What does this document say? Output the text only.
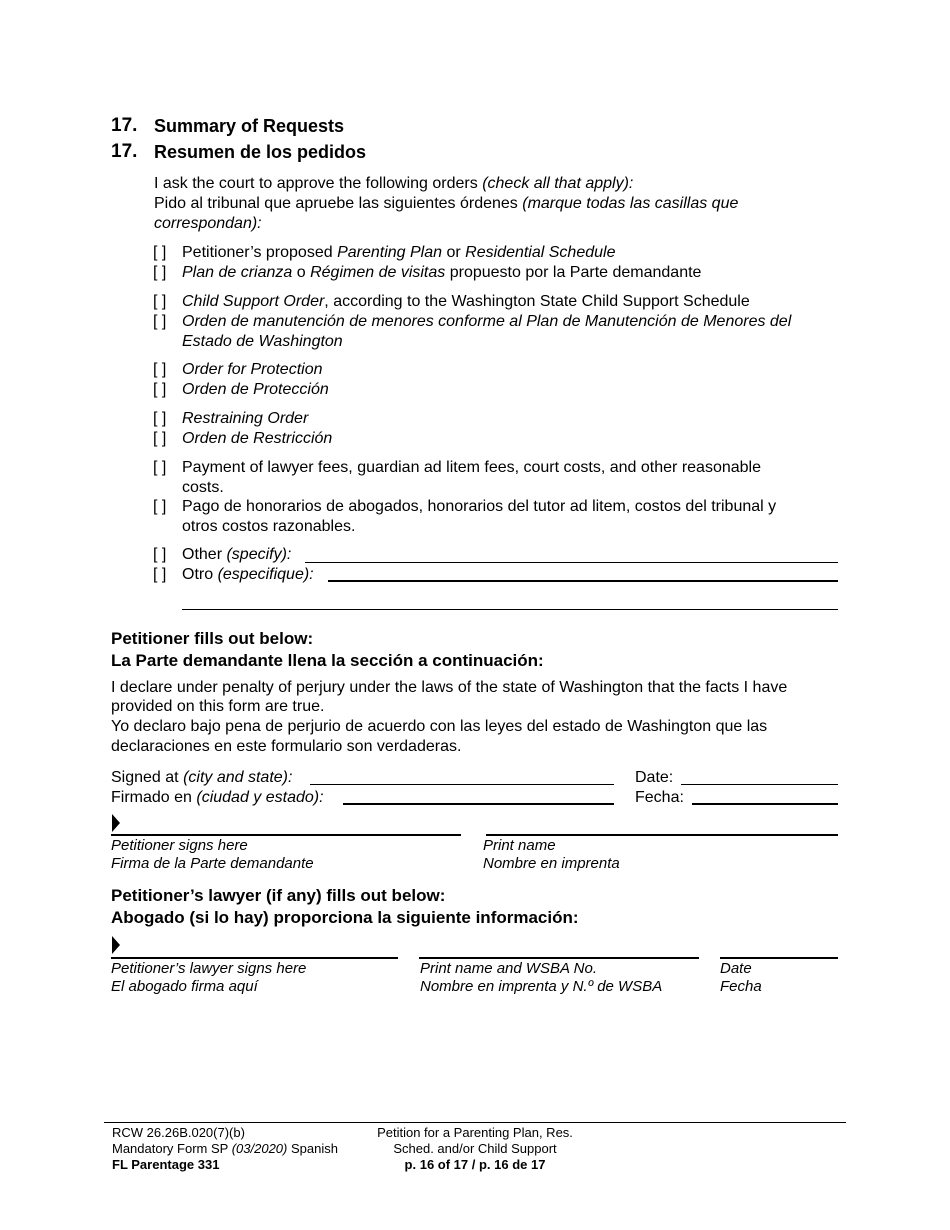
17. Summary of Requests
17. Resumen de los pedidos
I ask the court to approve the following orders (check all that apply):
Pido al tribunal que apruebe las siguientes órdenes (marque todas las casillas que
correspondan):
[ ] Petitioner’s proposed Parenting Plan or Residential Schedule
[ ] Plan de crianza o Régimen de visitas propuesto por la Parte demandante
[ ] Child Support Order, according to the Washington State Child Support Schedule
[ ] Orden de manutención de menores conforme al Plan de Manutención de Menores del
Estado de Washington
[ ] Order for Protection
[ ] Orden de Protección
[ ] Restraining Order
[ ] Orden de Restricción
[ ] Payment of lawyer fees, guardian ad litem fees, court costs, and other reasonable
costs.
[ ] Pago de honorarios de abogados, honorarios del tutor ad litem, costos del tribunal y
otros costos razonables.
[ ] Other (specify):
[ ] Otro (especifique):
Petitioner fills out below:
La Parte demandante llena la sección a continuación:
I declare under penalty of perjury under the laws of the state of Washington that the facts I have
provided on this form are true.
Yo declaro bajo pena de perjurio de acuerdo con las leyes del estado de Washington que las
declaraciones en este formulario son verdaderas.
Signed at (city and state):	Date:
Firmado en (ciudad y estado):	Fecha:
Petitioner signs here
Firma de la Parte demandante
Print name
Nombre en imprenta
Petitioner’s lawyer (if any) fills out below:
Abogado (si lo hay) proporciona la siguiente información:
Petitioner’s lawyer signs here
El abogado firma aquí
Print name and WSBA No.
Nombre en imprenta y N.º de WSBA
Date
Fecha
RCW 26.26B.020(7)(b)
Mandatory Form SP (03/2020) Spanish
FL Parentage 331
Petition for a Parenting Plan, Res.
Sched. and/or Child Support
p. 16 of 17 / p. 16 de 17
